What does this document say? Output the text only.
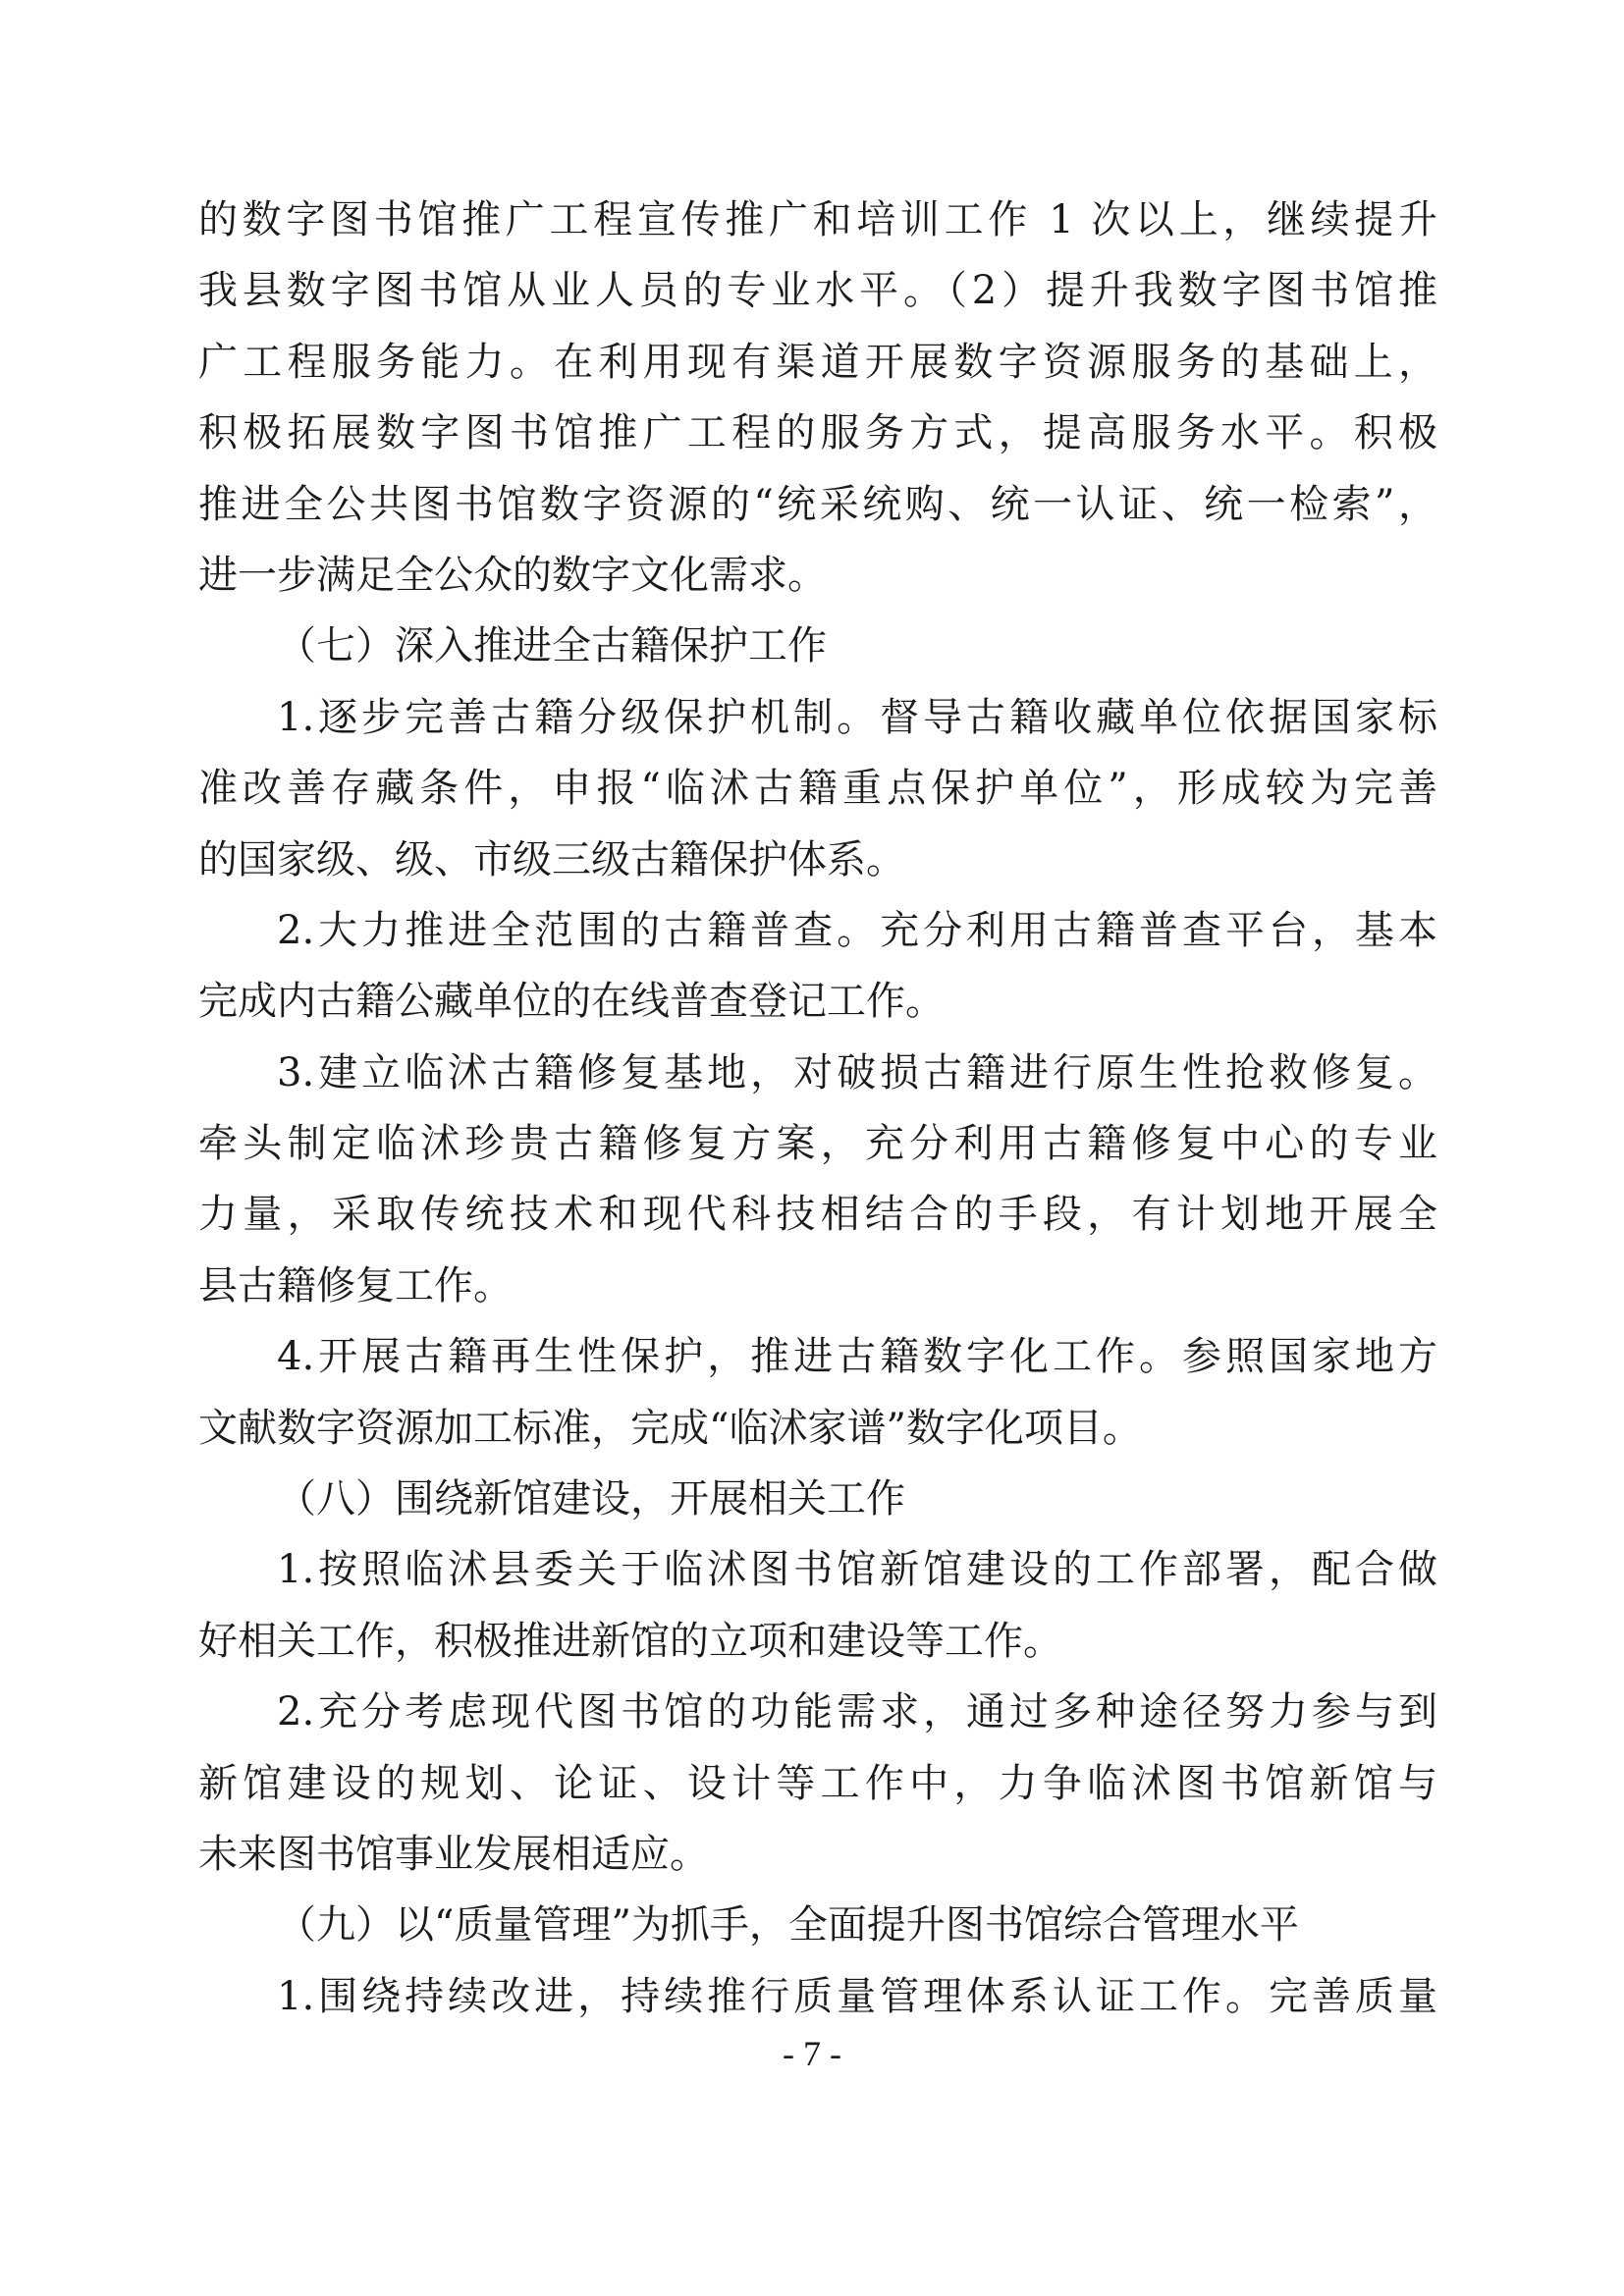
的数字图书馆推广工程宣传推广和培训工作 1 次以上，继续提升
我县数字图书馆从业人员的专业水平。（2）提升我数字图书馆推
广工程服务能力。在利用现有渠道开展数字资源服务的基础上，
积极拓展数字图书馆推广工程的服务方式，提高服务水平。积极
推进全公共图书馆数字资源的“统采统购、统一认证、统一检索”，
进一步满足全公众的数字文化需求。
（七）深入推进全古籍保护工作
1.逐步完善古籍分级保护机制。督导古籍收藏单位依据国家标
准改善存藏条件，申报“临沭古籍重点保护单位”，形成较为完善
的国家级、级、市级三级古籍保护体系。
2.大力推进全范围的古籍普查。充分利用古籍普查平台，基本
完成内古籍公藏单位的在线普查登记工作。
3.建立临沭古籍修复基地，对破损古籍进行原生性抢救修复。
牵头制定临沭珍贵古籍修复方案，充分利用古籍修复中心的专业
力量，采取传统技术和现代科技相结合的手段，有计划地开展全
县古籍修复工作。
4.开展古籍再生性保护，推进古籍数字化工作。参照国家地方
文献数字资源加工标准，完成“临沭家谱”数字化项目。
（八）围绕新馆建设，开展相关工作
1.按照临沭县委关于临沭图书馆新馆建设的工作部署，配合做
好相关工作，积极推进新馆的立项和建设等工作。
2.充分考虑现代图书馆的功能需求，通过多种途径努力参与到
新馆建设的规划、论证、设计等工作中，力争临沭图书馆新馆与
未来图书馆事业发展相适应。
（九）以“质量管理”为抓手，全面提升图书馆综合管理水平
1.围绕持续改进，持续推行质量管理体系认证工作。完善质量
- 7 -
